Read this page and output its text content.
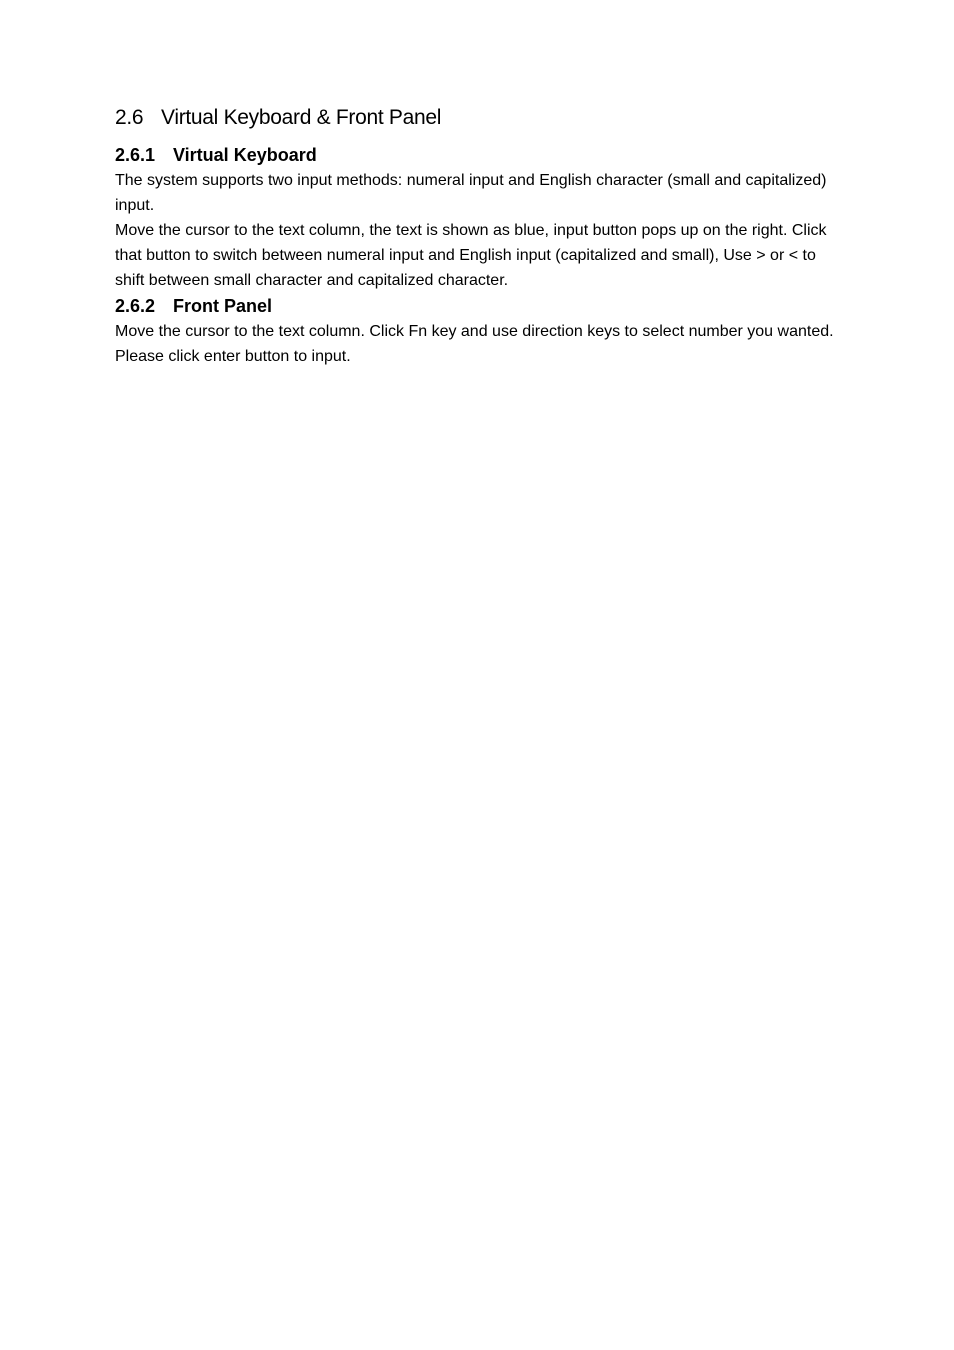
2.6 Virtual Keyboard & Front Panel
2.6.1 Virtual Keyboard

The system supports two input methods: numeral input and English character (small and capitalized) input.

Move the cursor to the text column, the text is shown as blue, input button pops up on the right. Click that button to switch between numeral input and English input (capitalized and small), Use > or < to shift between small character and capitalized character.

2.6.2 Front Panel

Move the cursor to the text column. Click Fn key and use direction keys to select number you wanted. Please click enter button to input.
